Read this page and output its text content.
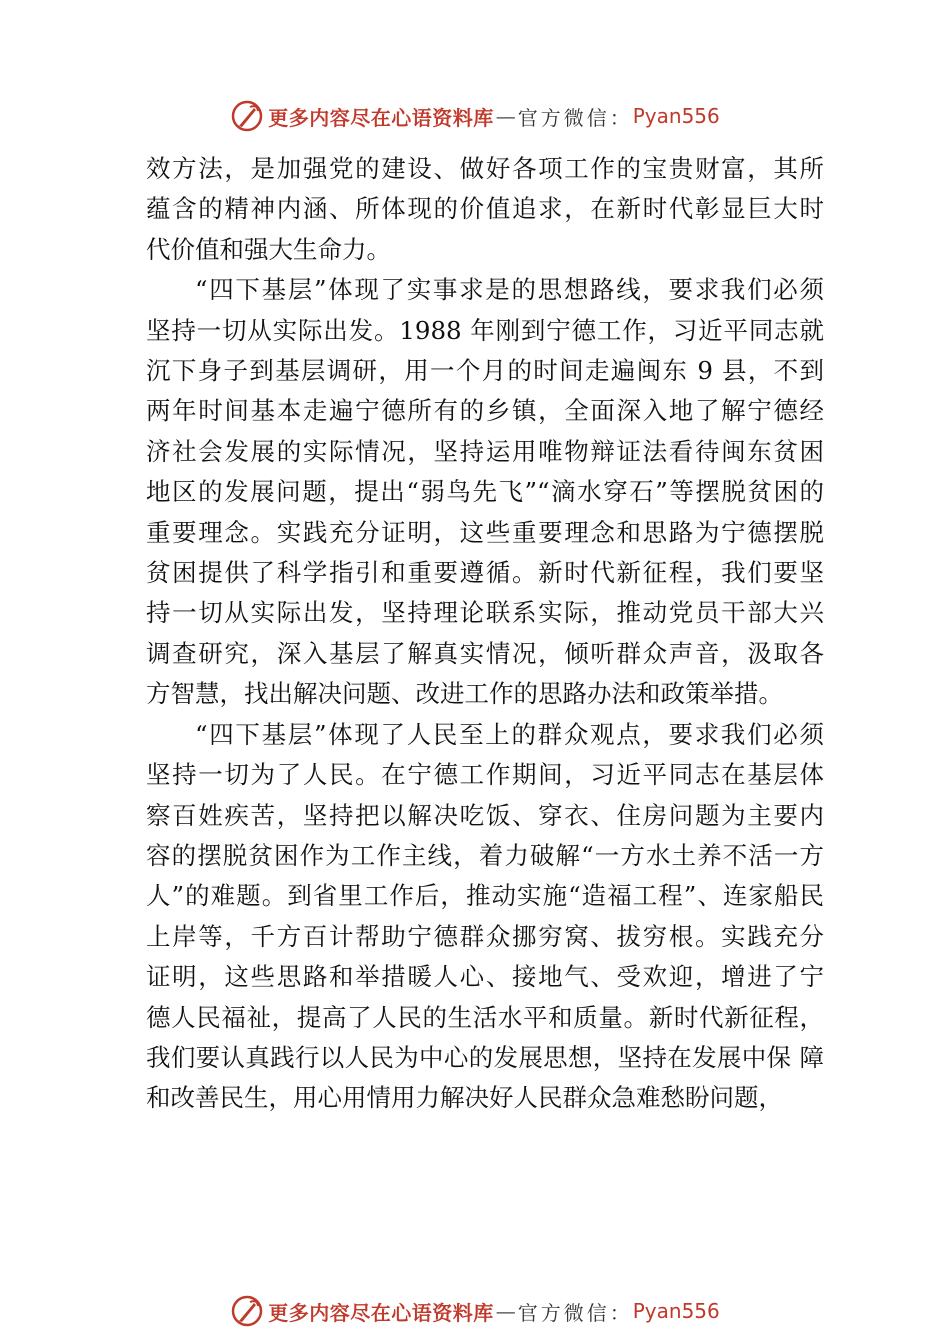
更多内容尽在心语资料库 — 官方微信： Pyan556

效方法，是加强党的建设、做好各项工作的宝贵财富，其所

蕴含的精神内涵、所体现的价值追求，在新时代彰显巨大时

代价值和强大生命力。

“四下基层”体现了实事求是的思想路线，要求我们必须

坚持一切从实际出发。1988 年刚到宁德工作，习近平同志就

沉下身子到基层调研，用一个月的时间走遍闽东 9 县，不到

两年时间基本走遍宁德所有的乡镇，全面深入地了解宁德经

济社会发展的实际情况，坚持运用唯物辩证法看待闽东贫困

地区的发展问题，提出“弱鸟先飞”“滴水穿石”等摆脱贫困的

重要理念。实践充分证明，这些重要理念和思路为宁德摆脱

贫困提供了科学指引和重要遵循。新时代新征程，我们要坚

持一切从实际出发，坚持理论联系实际，推动党员干部大兴

调查研究，深入基层了解真实情况，倾听群众声音，汲取各

方智慧，找出解决问题、改进工作的思路办法和政策举措。

“四下基层”体现了人民至上的群众观点，要求我们必须

坚持一切为了人民。在宁德工作期间，习近平同志在基层体

察百姓疾苦，坚持把以解决吃饭、穿衣、住房问题为主要内

容的摆脱贫困作为工作主线，着力破解“一方水土养不活一方

人”的难题。到省里工作后，推动实施“造福工程”、连家船民

上岸等，千方百计帮助宁德群众挪穷窝、拔穷根。实践充分

证明，这些思路和举措暖人心、接地气、受欢迎，增进了宁

德人民福祉，提高了人民的生活水平和质量。新时代新征程，

我们要认真践行以人民为中心的发展思想，坚持在发展中保 障

和改善民生，用心用情用力解决好人民群众急难愁盼问题，

更多内容尽在心语资料库 — 官方微信： Pyan556
